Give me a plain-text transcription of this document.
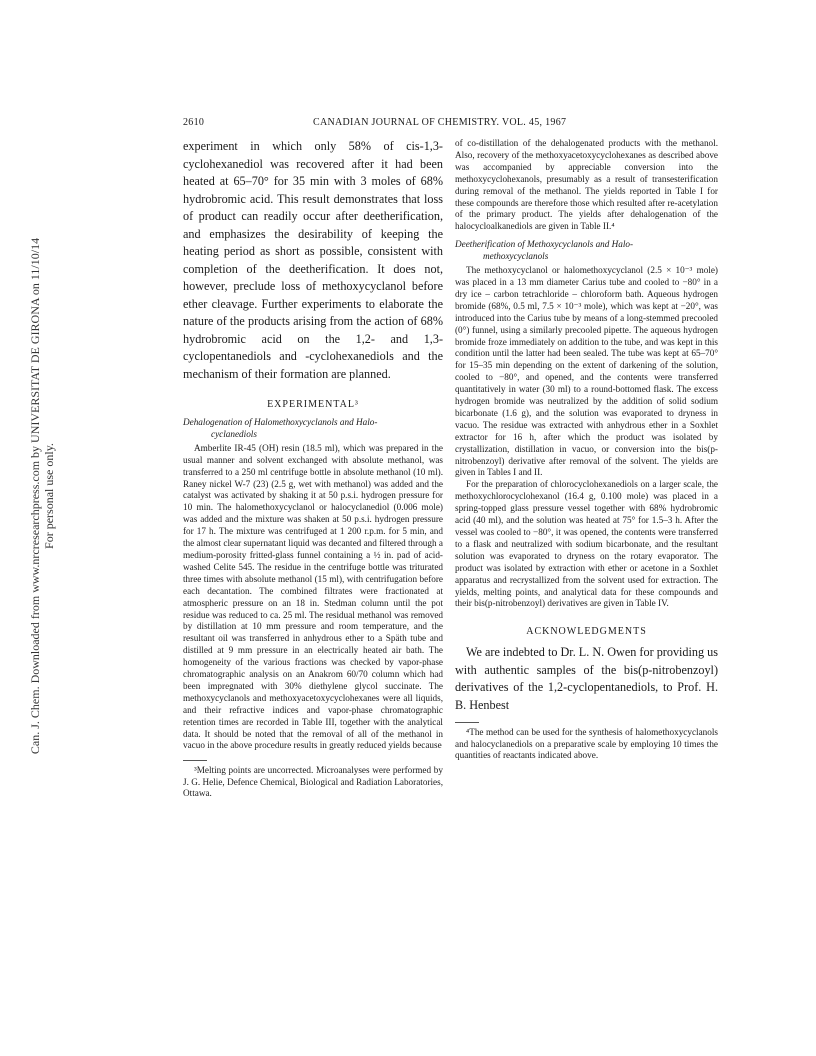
Can. J. Chem. Downloaded from www.nrcresearchpress.com by UNIVERSITAT DE GIRONA on 11/10/14 For personal use only.
2610	CANADIAN JOURNAL OF CHEMISTRY. VOL. 45, 1967

experiment in which only 58% of cis-1,3-cyclohexanediol was recovered after it had been heated at 65–70° for 35 min with 3 moles of 68% hydrobromic acid. This result demonstrates that loss of product can readily occur after deetherification, and emphasizes the desirability of keeping the heating period as short as possible, consistent with completion of the deetherification. It does not, however, preclude loss of methoxycyclanol before ether cleavage. Further experiments to elaborate the nature of the products arising from the action of 68% hydrobromic acid on the 1,2- and 1,3-cyclopentanediols and -cyclohexanediols and the mechanism of their formation are planned.

EXPERIMENTAL³
Dehalogenation of Halomethoxycyclanols and Halo-
cyclanediols

Amberlite IR-45 (OH) resin (18.5 ml), which was prepared in the usual manner and solvent exchanged with absolute methanol, was transferred to a 250 ml centrifuge bottle in absolute methanol (10 ml). Raney nickel W-7 (23) (2.5 g, wet with methanol) was added and the catalyst was activated by shaking it at 50 p.s.i. hydrogen pressure for 10 min. The halomethoxycyclanol or halocyclanediol (0.006 mole) was added and the mixture was shaken at 50 p.s.i. hydrogen pressure for 17 h. The mixture was centrifuged at 1 200 r.p.m. for 5 min, and the almost clear supernatant liquid was decanted and filtered through a medium-porosity fritted-glass funnel containing a ½ in. pad of acid-washed Celite 545. The residue in the centrifuge bottle was triturated three times with absolute methanol (15 ml), with centrifugation before each decantation. The combined filtrates were fractionated at atmospheric pressure on an 18 in. Stedman column until the pot residue was reduced to ca. 25 ml. The residual methanol was removed by distillation at 10 mm pressure and room temperature, and the resultant oil was transferred in anhydrous ether to a Späth tube and distilled at 9 mm pressure in an electrically heated air bath. The homogeneity of the various fractions was checked by vapor-phase chromatographic analysis on an Anakrom 60/70 column which had been impregnated with 30% diethylene glycol succinate. The methoxycyclanols and methoxyacetoxycyclohexanes were all liquids, and their refractive indices and vapor-phase chromatographic retention times are recorded in Table III, together with the analytical data. It should be noted that the removal of all of the methanol in vacuo in the above procedure results in greatly reduced yields because

³Melting points are uncorrected. Microanalyses were performed by J. G. Helie, Defence Chemical, Biological and Radiation Laboratories, Ottawa.

of co-distillation of the dehalogenated products with the methanol. Also, recovery of the methoxyacetoxycyclohexanes as described above was accompanied by appreciable conversion into the methoxycyclohexanols, presumably as a result of transesterification during removal of the methanol. The yields reported in Table I for these compounds are therefore those which resulted after re-acetylation of the primary product. The yields after dehalogenation of the halocycloalkanediols are given in Table II.⁴

Deetherification of Methoxycyclanols and Halo-
methoxycyclanols

The methoxycyclanol or halomethoxycyclanol (2.5 × 10⁻³ mole) was placed in a 13 mm diameter Carius tube and cooled to −80° in a dry ice – carbon tetrachloride – chloroform bath. Aqueous hydrogen bromide (68%, 0.5 ml, 7.5 × 10⁻³ mole), which was kept at −20°, was introduced into the Carius tube by means of a long-stemmed precooled (0°) funnel, using a similarly precooled pipette. The aqueous hydrogen bromide froze immediately on addition to the tube, and was kept in this condition until the latter had been sealed. The tube was kept at 65–70° for 15–35 min depending on the extent of darkening of the solution, cooled to −80°, and opened, and the contents were transferred quantitatively in water (30 ml) to a round-bottomed flask. The excess hydrogen bromide was neutralized by the addition of solid sodium bicarbonate (1.6 g), and the solution was evaporated to dryness in vacuo. The residue was extracted with anhydrous ether in a Soxhlet extractor for 16 h, after which the product was isolated by crystallization, distillation in vacuo, or conversion into the bis(p-nitrobenzoyl) derivative after removal of the solvent. The yields are given in Tables I and II.

For the preparation of chlorocyclohexanediols on a larger scale, the methoxychlorocyclohexanol (16.4 g, 0.100 mole) was placed in a spring-topped glass pressure vessel together with 68% hydrobromic acid (40 ml), and the solution was heated at 75° for 1.5–3 h. After the vessel was cooled to −80°, it was opened, the contents were transferred to a flask and neutralized with sodium bicarbonate, and the resultant solution was evaporated to dryness on the rotary evaporator. The product was isolated by extraction with ether or acetone in a Soxhlet apparatus and recrystallized from the solvent used for extraction. The yields, melting points, and analytical data for these compounds and their bis(p-nitrobenzoyl) derivatives are given in Table IV.

ACKNOWLEDGMENTS

We are indebted to Dr. L. N. Owen for providing us with authentic samples of the bis(p-nitrobenzoyl) derivatives of the 1,2-cyclopentanediols, to Prof. H. B. Henbest

⁴The method can be used for the synthesis of halomethoxycyclanols and halocyclanediols on a preparative scale by employing 10 times the quantities of reactants indicated above.
